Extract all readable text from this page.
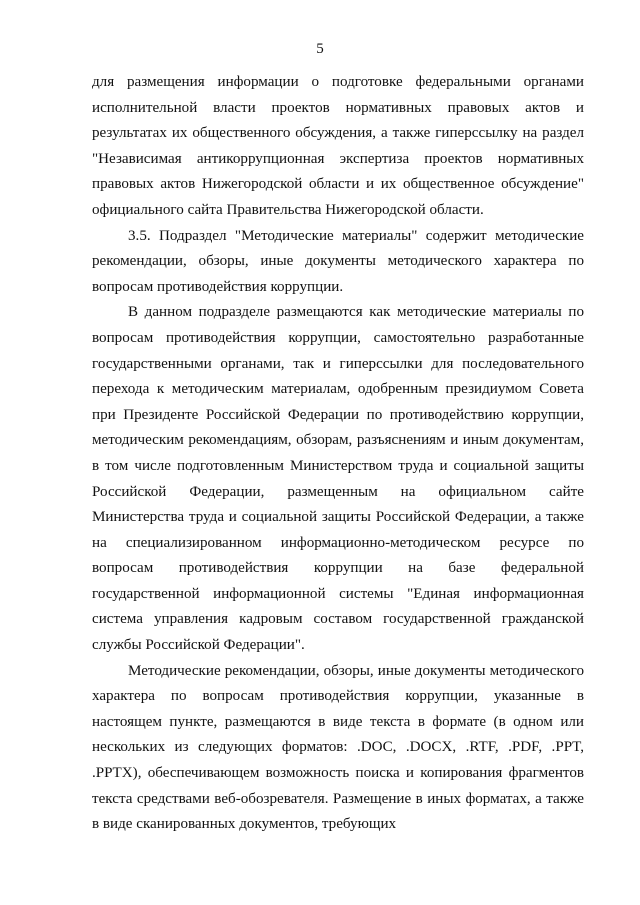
5

для размещения информации о подготовке федеральными органами исполнительной власти проектов нормативных правовых актов и результатах их общественного обсуждения, а также гиперссылку на раздел "Независимая антикоррупционная экспертиза проектов нормативных правовых актов Нижегородской области и их общественное обсуждение" официального сайта Правительства Нижегородской области.

3.5. Подраздел "Методические материалы" содержит методические рекомендации, обзоры, иные документы методического характера по вопросам противодействия коррупции.

В данном подразделе размещаются как методические материалы по вопросам противодействия коррупции, самостоятельно разработанные государственными органами, так и гиперссылки для последовательного перехода к методическим материалам, одобренным президиумом Совета при Президенте Российской Федерации по противодействию коррупции, методическим рекомендациям, обзорам, разъяснениям и иным документам, в том числе подготовленным Министерством труда и социальной защиты Российской Федерации, размещенным на официальном сайте Министерства труда и социальной защиты Российской Федерации, а также на специализированном информационно-методическом ресурсе по вопросам противодействия коррупции на базе федеральной государственной информационной системы "Единая информационная система управления кадровым составом государственной гражданской службы Российской Федерации".

Методические рекомендации, обзоры, иные документы методического характера по вопросам противодействия коррупции, указанные в настоящем пункте, размещаются в виде текста в формате (в одном или нескольких из следующих форматов: .DOC, .DOCX, .RTF, .PDF, .PPT, .PPTX), обеспечивающем возможность поиска и копирования фрагментов текста средствами веб-обозревателя. Размещение в иных форматах, а также в виде сканированных документов, требующих
